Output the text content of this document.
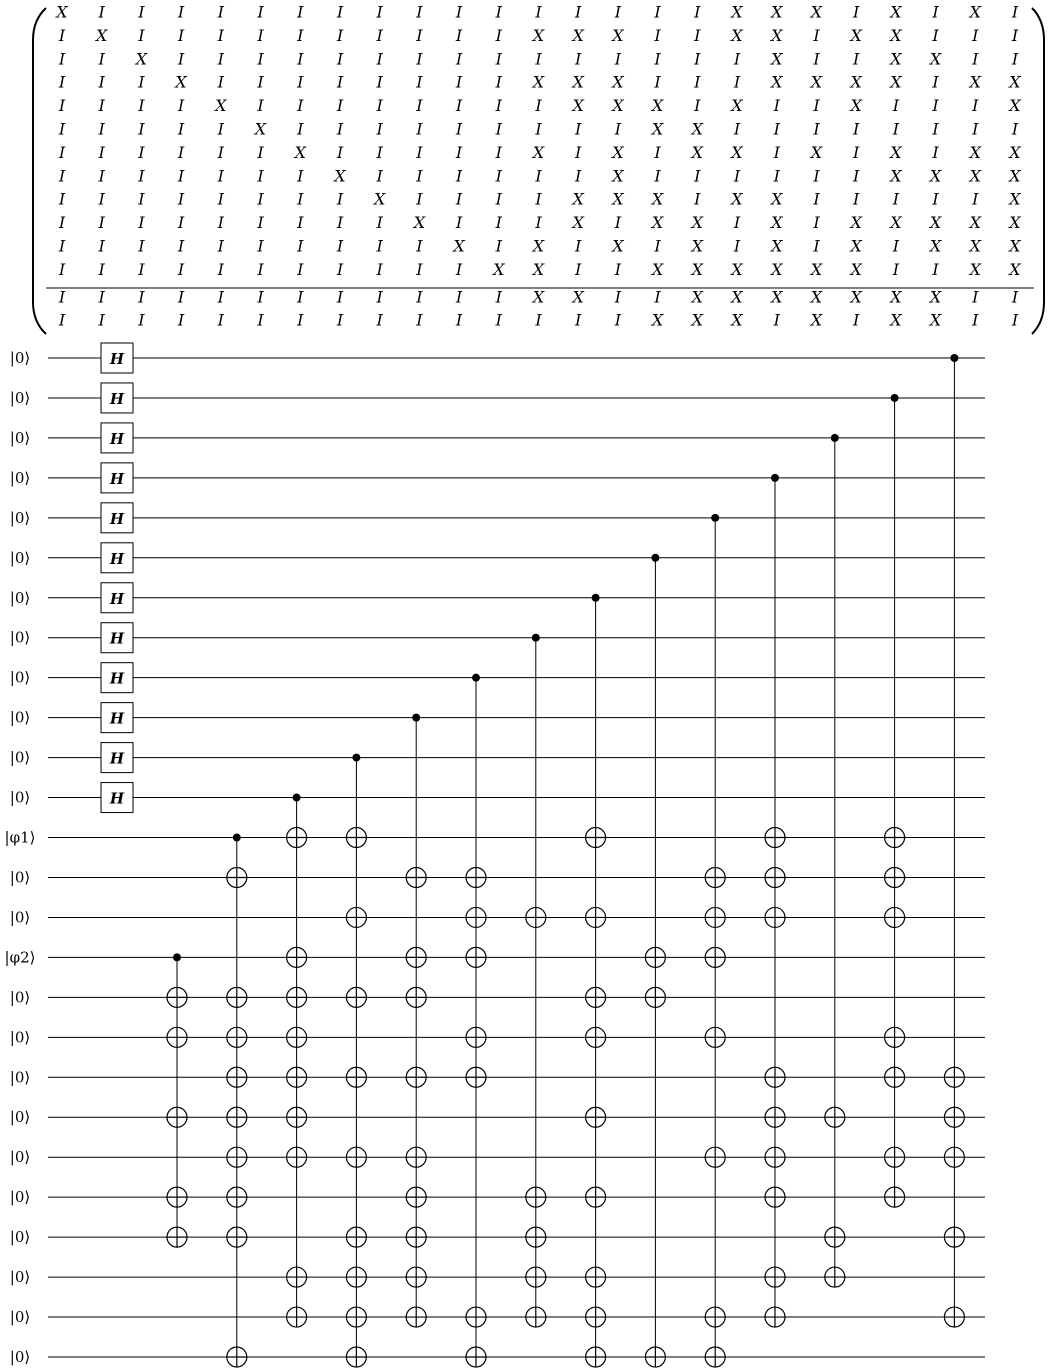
X I I I I I I I I I I I I I I I I X X X I X I X I
I X I I I I I I I I I I X X X I I X X I X X I I I
I I X I I I I I I I I I I I I I I I X I I X X I I
I I I X I I I I I I I I X X X I I I X X X X I X X
I I I I X I I I I I I I I X X X I X I I X I I I X
I I I I I X I I I I I I I I I X X I I I I I I I I
I I I I I I X I I I I I X I X I X X I X I X I X X
I I I I I I I X I I I I I I X I I I I I I X X X X
I I I I I I I I X I I I I X X X I X X I I I I I X
I I I I I I I I I X I I I X I X X I X I X X X X X
I I I I I I I I I I X I X I X I X I X I X I X X X
I I I I I I I I I I I X X I I X X X X X X I I X X
I I I I I I I I I I I I X X I I X X X X X X X I I
I I I I I I I I I I I I I I I X X X I X I X X I I
|0⟩
|0⟩
|0⟩
|0⟩
|0⟩
|0⟩
|0⟩
|0⟩
|0⟩
|0⟩
|0⟩
|0⟩
|φ1⟩
|0⟩
|0⟩
|φ2⟩
|0⟩
|0⟩
|0⟩
|0⟩
|0⟩
|0⟩
|0⟩
|0⟩
|0⟩
|0⟩
H
H
H
H
H
H
H
H
H
H
H
H
